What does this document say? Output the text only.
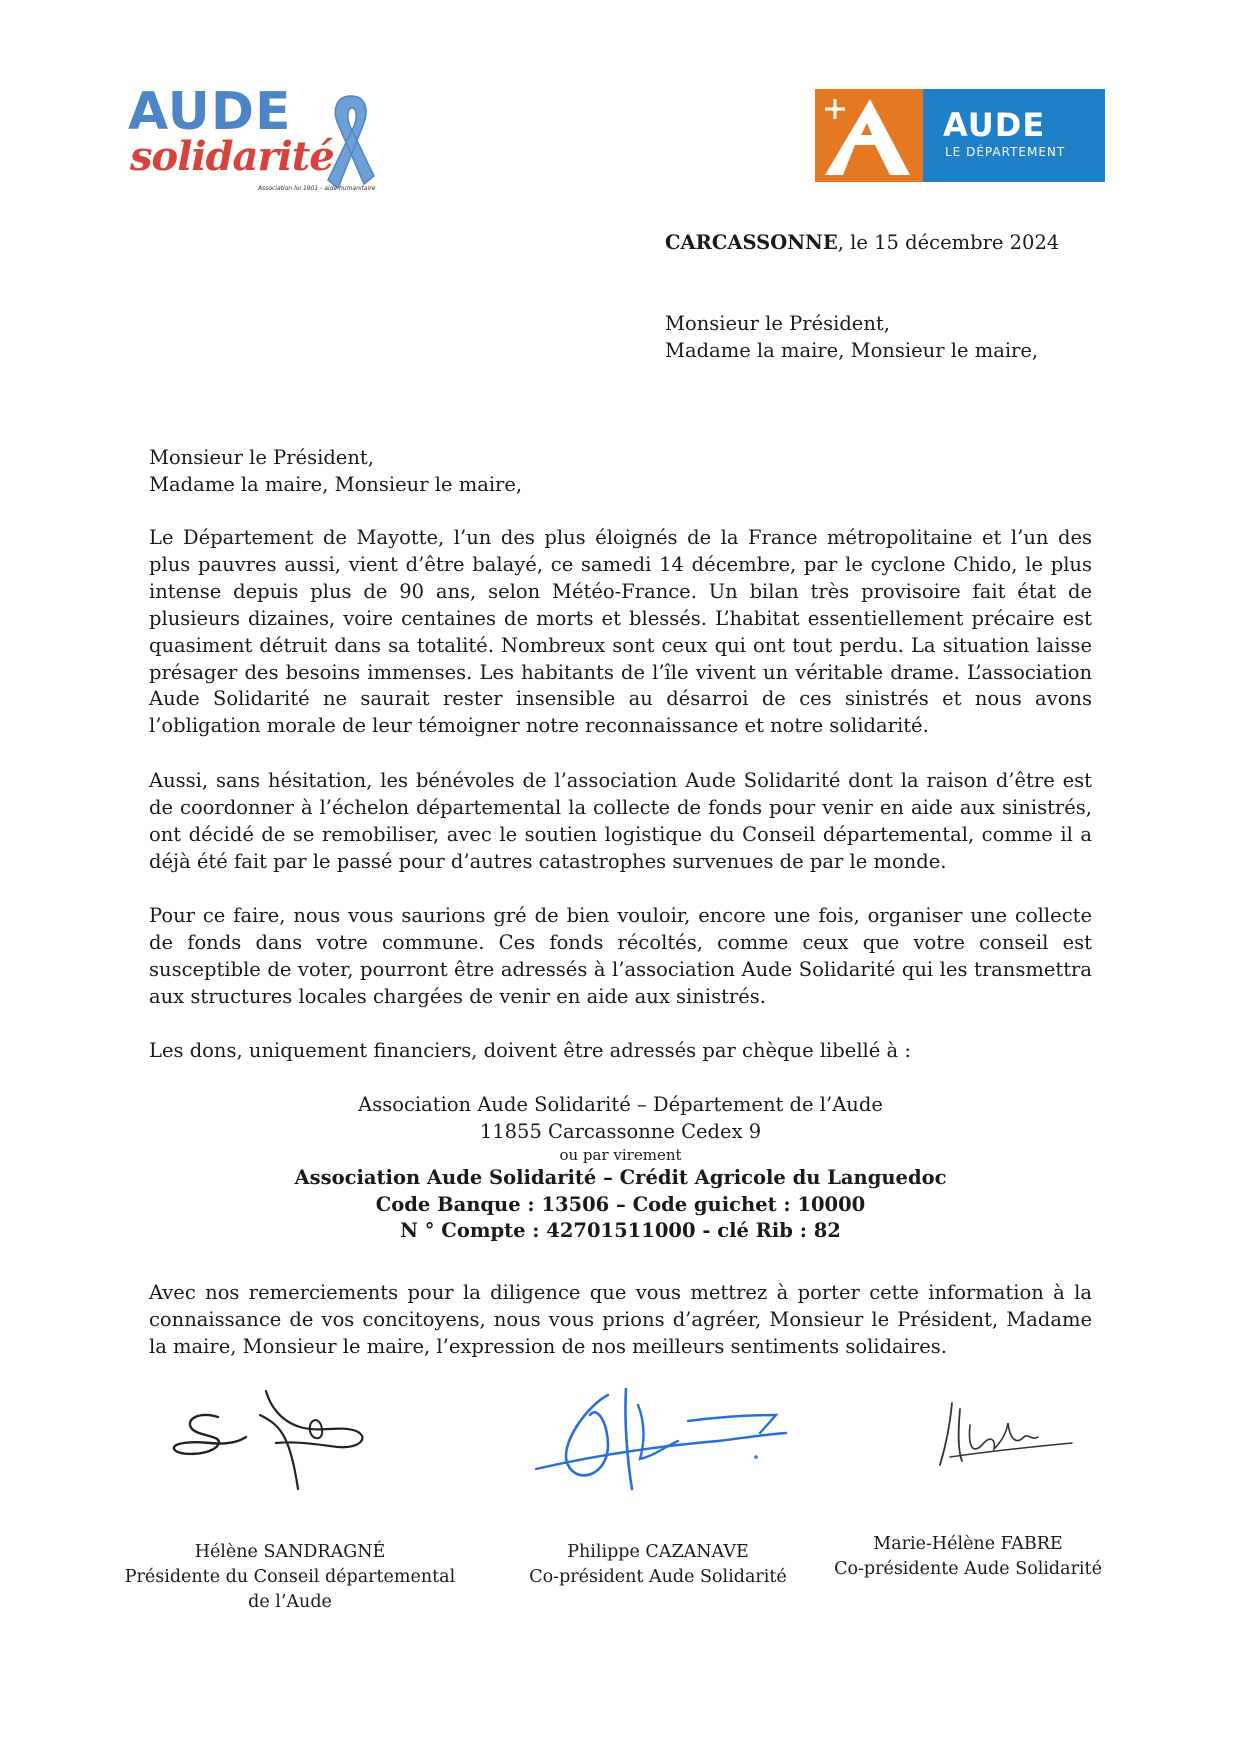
AUDE
solidarité
Association loi 1901 - aide humanitaire
AUDE
LE DÉPARTEMENT
CARCASSONNE, le 15 décembre 2024
Monsieur le Président,
Madame la maire, Monsieur le maire,
Monsieur le Président,
Madame la maire, Monsieur le maire,
Le Département de Mayotte, l’un des plus éloignés de la France métropolitaine et l’un des plus pauvres aussi, vient d’être balayé, ce samedi 14 décembre, par le cyclone Chido, le plus intense depuis plus de 90 ans, selon Météo-France. Un bilan très provisoire fait état de plusieurs dizaines, voire centaines de morts et blessés. L’habitat essentiellement précaire est quasiment détruit dans sa totalité. Nombreux sont ceux qui ont tout perdu. La situation laisse présager des besoins immenses. Les habitants de l’île vivent un véritable drame. L’association Aude Solidarité ne saurait rester insensible au désarroi de ces sinistrés et nous avons l’obligation morale de leur témoigner notre reconnaissance et notre solidarité.
Aussi, sans hésitation, les bénévoles de l’association Aude Solidarité dont la raison d’être est de coordonner à l’échelon départemental la collecte de fonds pour venir en aide aux sinistrés, ont décidé de se remobiliser, avec le soutien logistique du Conseil départemental, comme il a déjà été fait par le passé pour d’autres catastrophes survenues de par le monde.
Pour ce faire, nous vous saurions gré de bien vouloir, encore une fois, organiser une collecte de fonds dans votre commune. Ces fonds récoltés, comme ceux que votre conseil est susceptible de voter, pourront être adressés à l’association Aude Solidarité qui les transmettra aux structures locales chargées de venir en aide aux sinistrés.
Les dons, uniquement financiers, doivent être adressés par chèque libellé à :
Association Aude Solidarité – Département de l’Aude
11855 Carcassonne Cedex 9
ou par virement
Association Aude Solidarité – Crédit Agricole du Languedoc
Code Banque : 13506 – Code guichet : 10000
N ° Compte : 42701511000 - clé Rib : 82
Avec nos remerciements pour la diligence que vous mettrez à porter cette information à la connaissance de vos concitoyens, nous vous prions d’agréer, Monsieur le Président, Madame la maire, Monsieur le maire, l’expression de nos meilleurs sentiments solidaires.
Hélène SANDRAGNÉ
Présidente du Conseil départemental
de l’Aude
Philippe CAZANAVE
Co-président Aude Solidarité
Marie-Hélène FABRE
Co-présidente Aude Solidarité
